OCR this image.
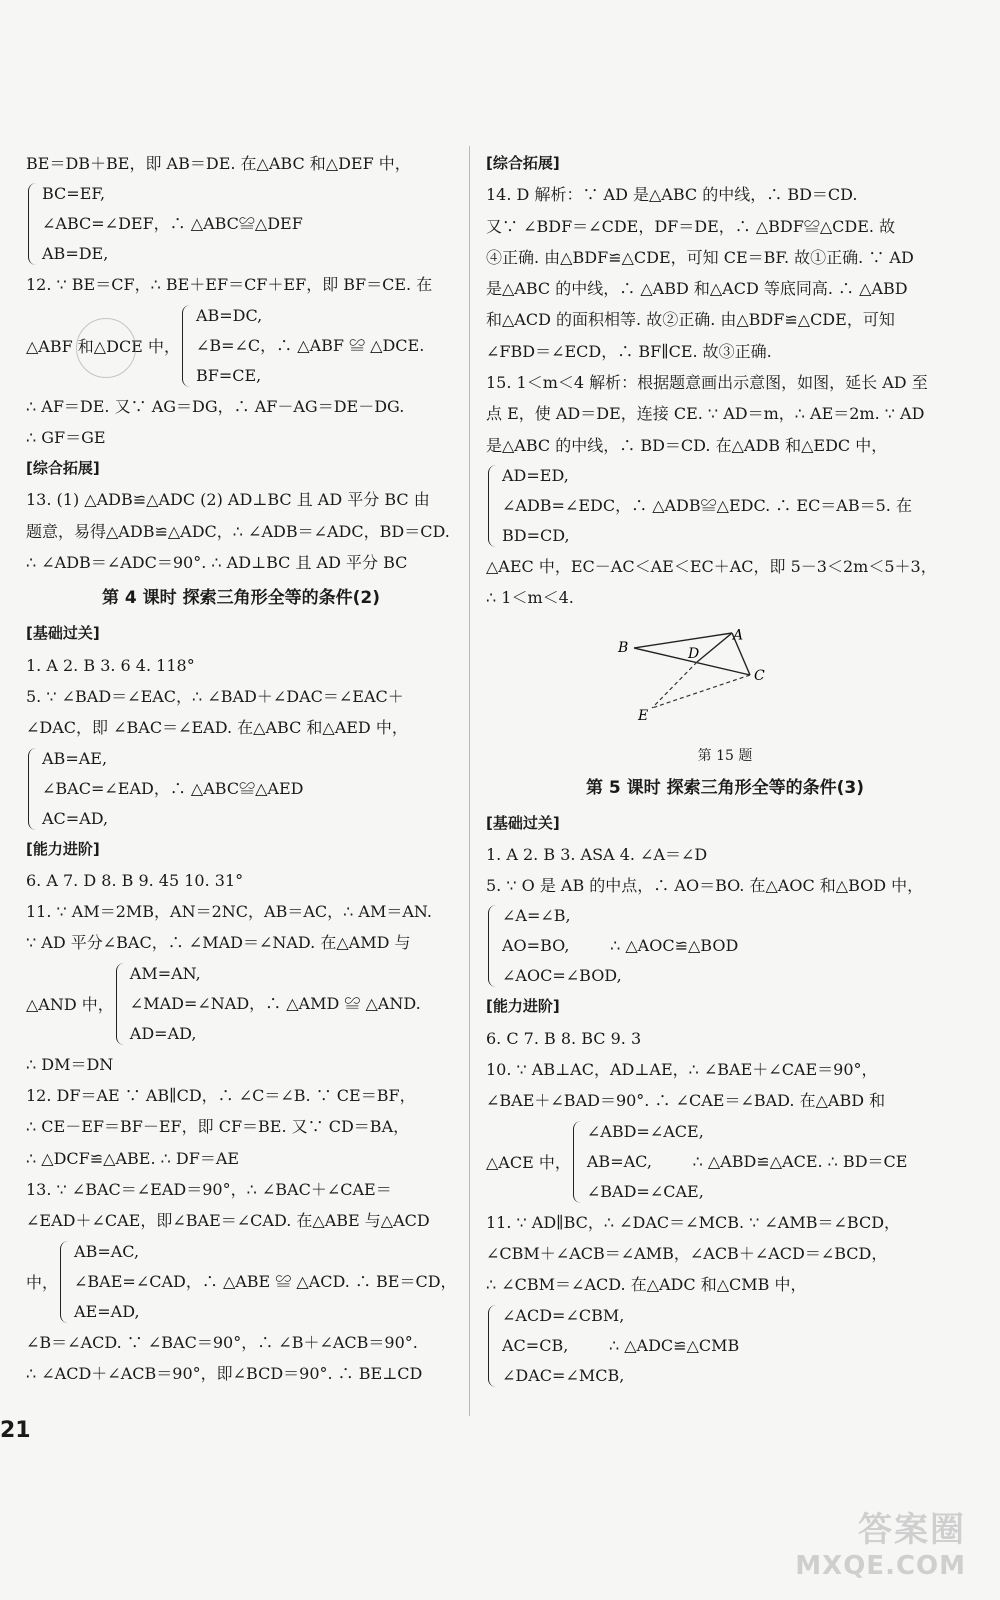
BE＝DB＋BE，即 AB＝DE. 在△ABC 和△DEF 中，
BC=EF,
∠ABC=∠DEF，∴ △ABC≌△DEF
AB=DE,
12. ∵ BE＝CF，∴ BE＋EF＝CF＋EF，即 BF＝CE. 在
△ABF 和△DCE 中，
AB=DC,
∠B=∠C，∴ △ABF ≌ △DCE.
BF=CE,
∴ AF＝DE. 又∵ AG＝DG，∴ AF－AG＝DE－DG.
∴ GF＝GE
[综合拓展]
13. (1) △ADB≌△ADC (2) AD⊥BC 且 AD 平分 BC 由
题意，易得△ADB≌△ADC，∴ ∠ADB＝∠ADC，BD＝CD.
∴ ∠ADB＝∠ADC＝90°. ∴ AD⊥BC 且 AD 平分 BC
第 4 课时 探索三角形全等的条件(2)
[基础过关]
1. A 2. B 3. 6 4. 118°
5. ∵ ∠BAD＝∠EAC，∴ ∠BAD＋∠DAC＝∠EAC＋
∠DAC，即 ∠BAC＝∠EAD. 在△ABC 和△AED 中，
AB=AE,
∠BAC=∠EAD，∴ △ABC≌△AED
AC=AD,
[能力进阶]
6. A 7. D 8. B 9. 45 10. 31°
11. ∵ AM＝2MB，AN＝2NC，AB＝AC，∴ AM＝AN.
∵ AD 平分∠BAC，∴ ∠MAD＝∠NAD. 在△AMD 与
△AND 中，
AM=AN,
∠MAD=∠NAD，∴ △AMD ≌ △AND.
AD=AD,
∴ DM＝DN
12. DF＝AE ∵ AB∥CD，∴ ∠C＝∠B. ∵ CE＝BF，
∴ CE－EF＝BF－EF，即 CF＝BE. 又∵ CD＝BA，
∴ △DCF≌△ABE. ∴ DF＝AE
13. ∵ ∠BAC＝∠EAD＝90°，∴ ∠BAC＋∠CAE＝
∠EAD＋∠CAE，即∠BAE＝∠CAD. 在△ABE 与△ACD
中，
AB=AC,
∠BAE=∠CAD，∴ △ABE ≌ △ACD. ∴ BE＝CD，
AE=AD,
∠B＝∠ACD. ∵ ∠BAC＝90°，∴ ∠B＋∠ACB＝90°.
∴ ∠ACD＋∠ACB＝90°，即∠BCD＝90°. ∴ BE⊥CD
[综合拓展]
14. D 解析：∵ AD 是△ABC 的中线，∴ BD＝CD.
又∵ ∠BDF＝∠CDE，DF＝DE，∴ △BDF≌△CDE. 故
④正确. 由△BDF≌△CDE，可知 CE＝BF. 故①正确. ∵ AD
是△ABC 的中线，∴ △ABD 和△ACD 等底同高. ∴ △ABD
和△ACD 的面积相等. 故②正确. 由△BDF≌△CDE，可知
∠FBD＝∠ECD，∴ BF∥CE. 故③正确.
15. 1＜m＜4 解析：根据题意画出示意图，如图，延长 AD 至
点 E，使 AD＝DE，连接 CE. ∵ AD＝m，∴ AE＝2m. ∵ AD
是△ABC 的中线，∴ BD＝CD. 在△ADB 和△EDC 中，
AD=ED,
∠ADB=∠EDC，∴ △ADB≌△EDC. ∴ EC＝AB＝5. 在
BD=CD,
△AEC 中，EC－AC＜AE＜EC＋AC，即 5－3＜2m＜5＋3，
∴ 1＜m＜4.
A
B
C
D
E
第 15 题
第 5 课时 探索三角形全等的条件(3)
[基础过关]
1. A 2. B 3. ASA 4. ∠A＝∠D
5. ∵ O 是 AB 的中点，∴ AO＝BO. 在△AOC 和△BOD 中，
∠A=∠B,
AO=BO,        ∴ △AOC≌△BOD
∠AOC=∠BOD,
[能力进阶]
6. C 7. B 8. BC 9. 3
10. ∵ AB⊥AC，AD⊥AE，∴ ∠BAE＋∠CAE＝90°，
∠BAE＋∠BAD＝90°. ∴ ∠CAE＝∠BAD. 在△ABD 和
△ACE 中，
∠ABD=∠ACE,
AB=AC,        ∴ △ABD≌△ACE. ∴ BD＝CE
∠BAD=∠CAE,
11. ∵ AD∥BC，∴ ∠DAC＝∠MCB. ∵ ∠AMB＝∠BCD，
∠CBM＋∠ACB＝∠AMB，∠ACB＋∠ACD＝∠BCD，
∴ ∠CBM＝∠ACD. 在△ADC 和△CMB 中，
∠ACD=∠CBM,
AC=CB,        ∴ △ADC≌△CMB
∠DAC=∠MCB,
21
答案圈
MXQE.COM
